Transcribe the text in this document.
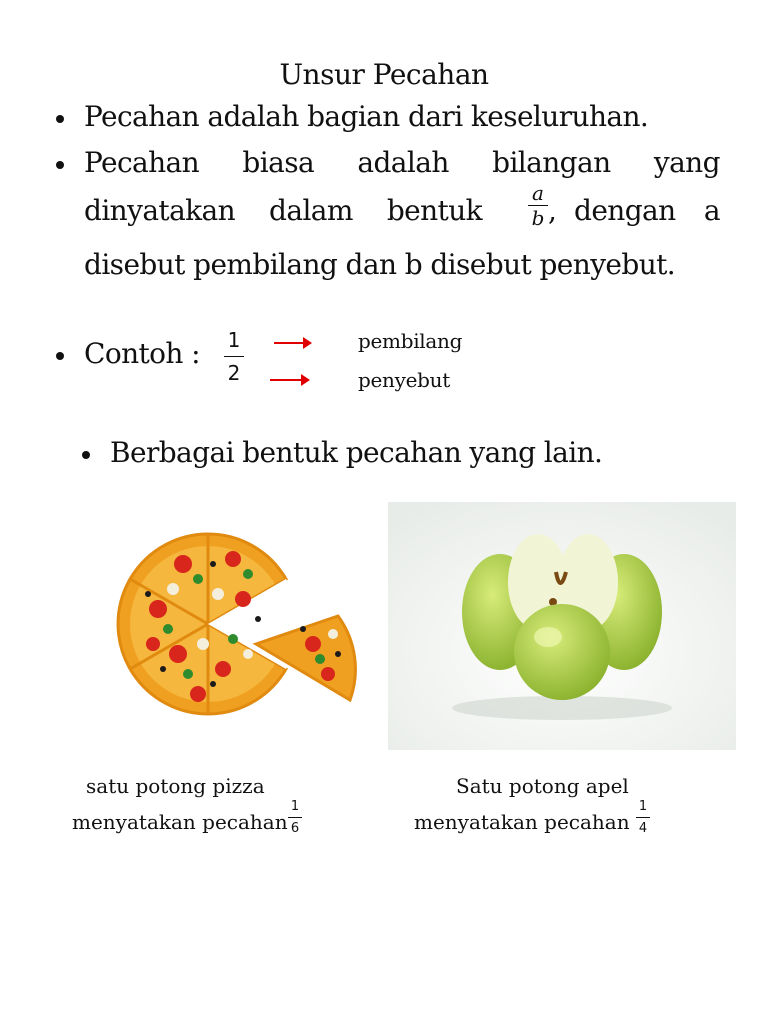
Unsur Pecahan
Pecahan adalah bagian dari keseluruhan.
Pecahan biasa adalah bilangan yang
dinyatakan dalam bentuk
a
b , dengan a
disebut pembilang dan b disebut penyebut.
Contoh : 1
2
pembilang
penyebut
Berbagai bentuk pecahan yang lain.
satu potong pizza
menyatakan pecahan
1
6
Satu potong apel
menyatakan pecahan
1
4
